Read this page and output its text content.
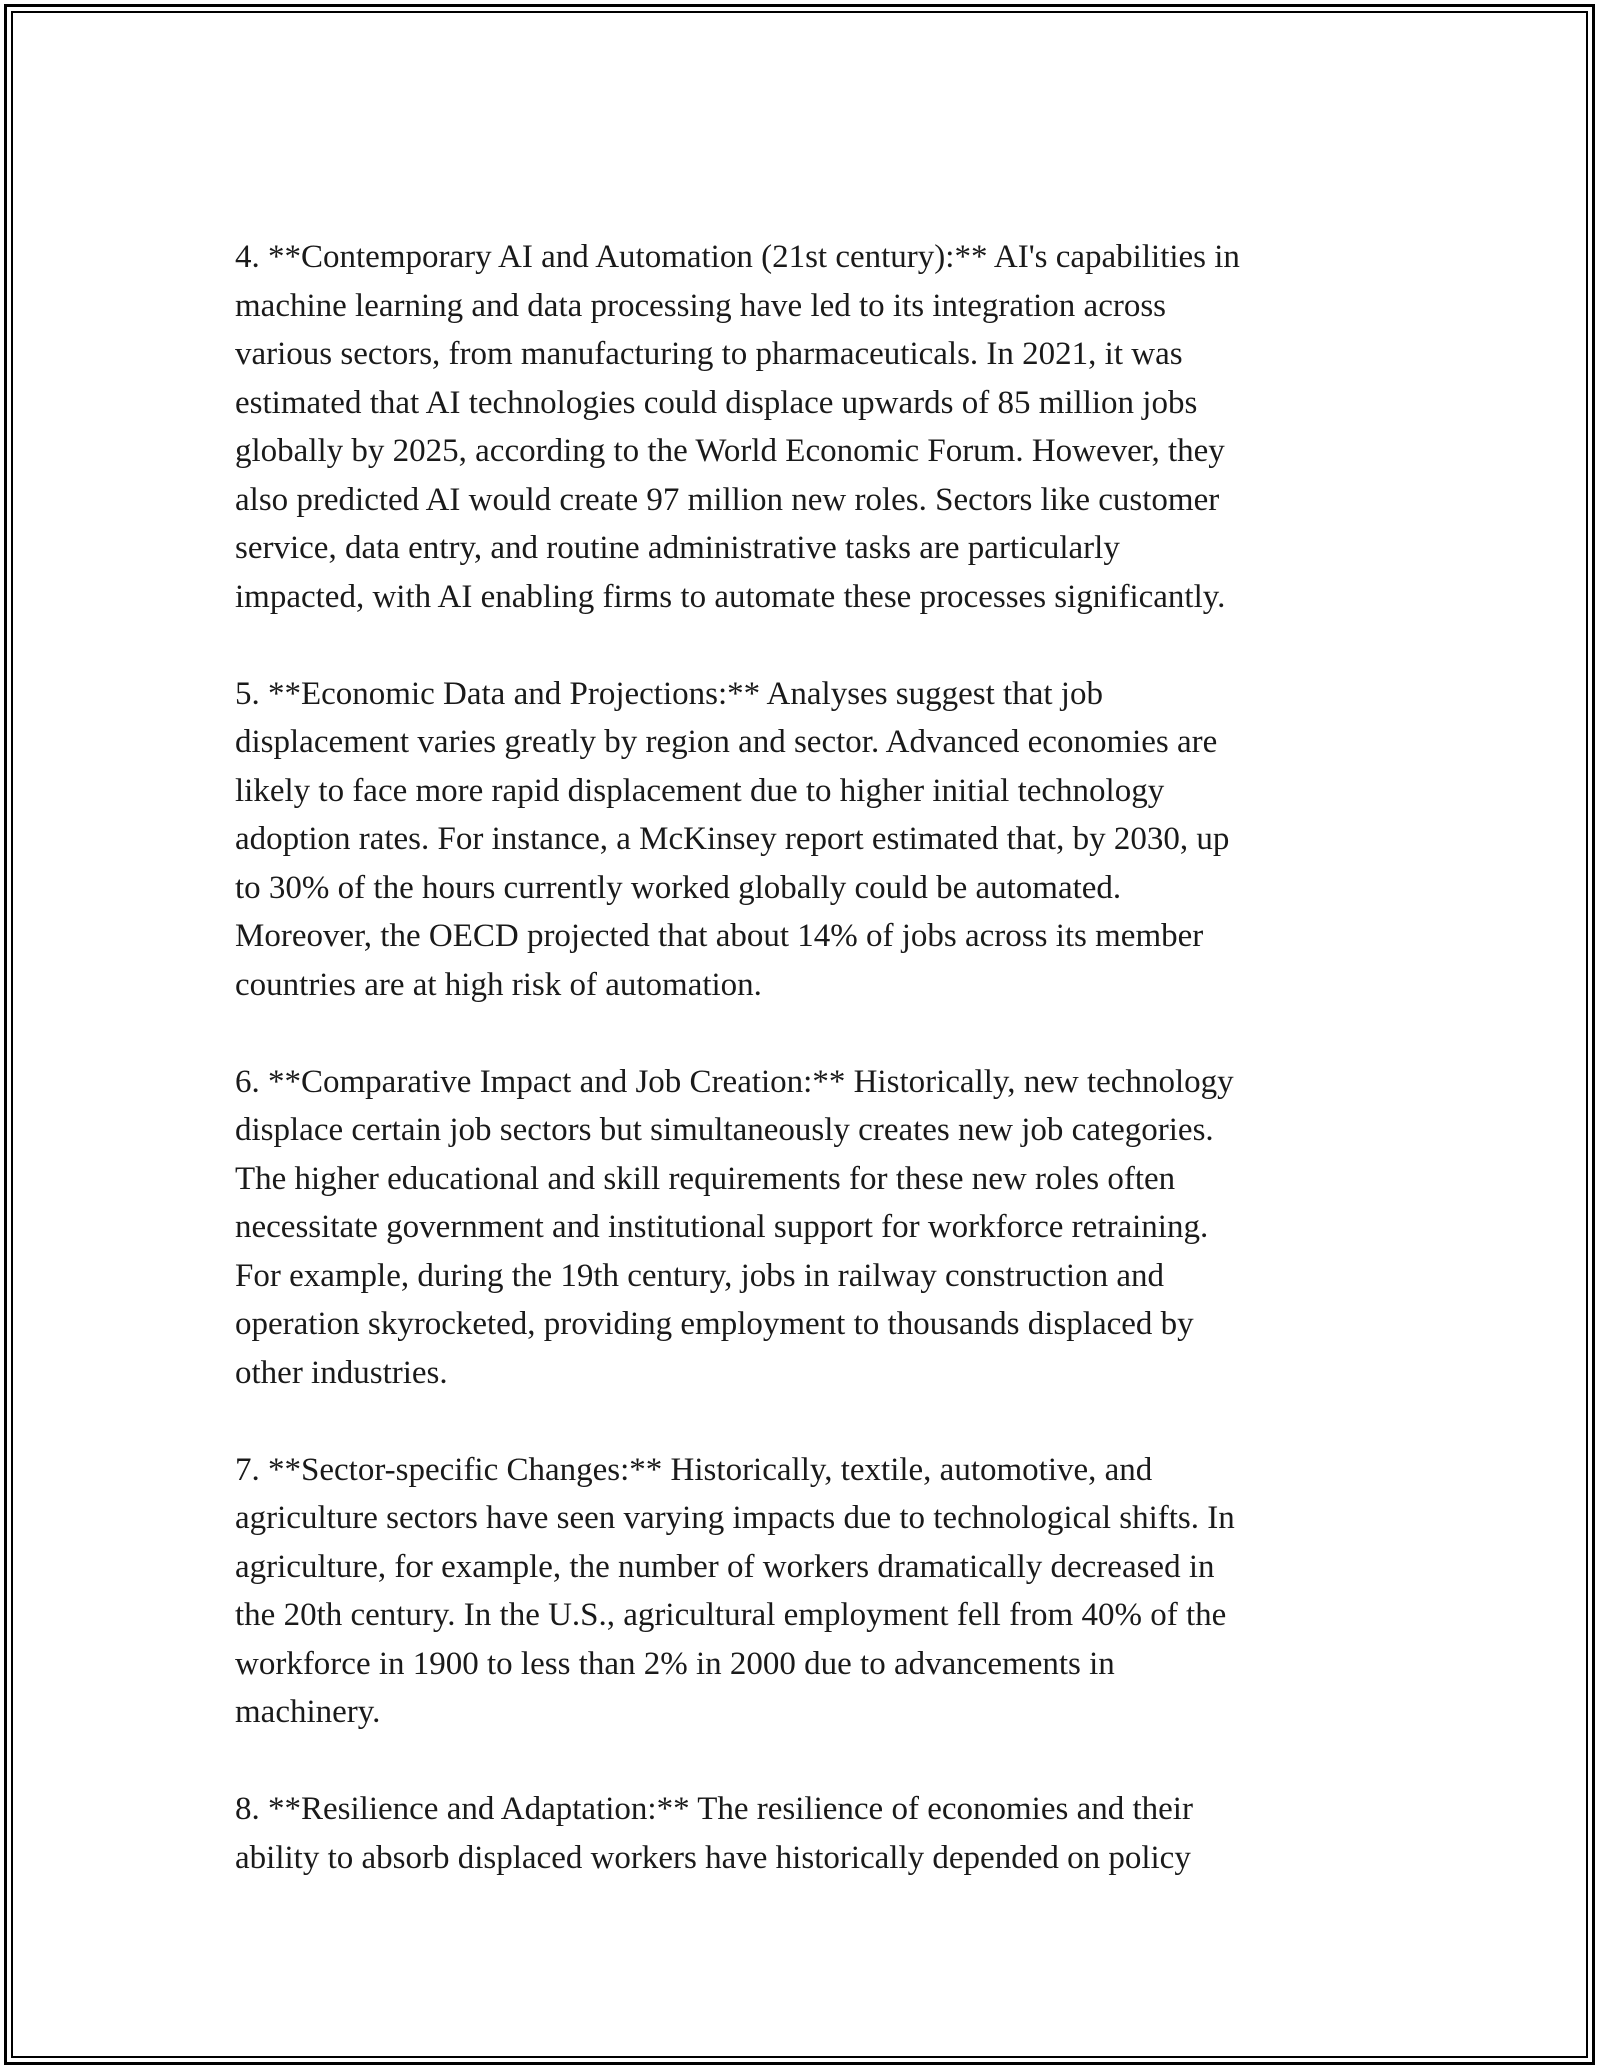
4. **Contemporary AI and Automation (21st century):** AI's capabilities in
machine learning and data processing have led to its integration across
various sectors, from manufacturing to pharmaceuticals. In 2021, it was
estimated that AI technologies could displace upwards of 85 million jobs
globally by 2025, according to the World Economic Forum. However, they
also predicted AI would create 97 million new roles. Sectors like customer
service, data entry, and routine administrative tasks are particularly
impacted, with AI enabling firms to automate these processes significantly.

5. **Economic Data and Projections:** Analyses suggest that job
displacement varies greatly by region and sector. Advanced economies are
likely to face more rapid displacement due to higher initial technology
adoption rates. For instance, a McKinsey report estimated that, by 2030, up
to 30% of the hours currently worked globally could be automated.
Moreover, the OECD projected that about 14% of jobs across its member
countries are at high risk of automation.

6. **Comparative Impact and Job Creation:** Historically, new technology
displace certain job sectors but simultaneously creates new job categories.
The higher educational and skill requirements for these new roles often
necessitate government and institutional support for workforce retraining.
For example, during the 19th century, jobs in railway construction and
operation skyrocketed, providing employment to thousands displaced by
other industries.

7. **Sector-specific Changes:** Historically, textile, automotive, and
agriculture sectors have seen varying impacts due to technological shifts. In
agriculture, for example, the number of workers dramatically decreased in
the 20th century. In the U.S., agricultural employment fell from 40% of the
workforce in 1900 to less than 2% in 2000 due to advancements in
machinery.

8. **Resilience and Adaptation:** The resilience of economies and their
ability to absorb displaced workers have historically depended on policy
